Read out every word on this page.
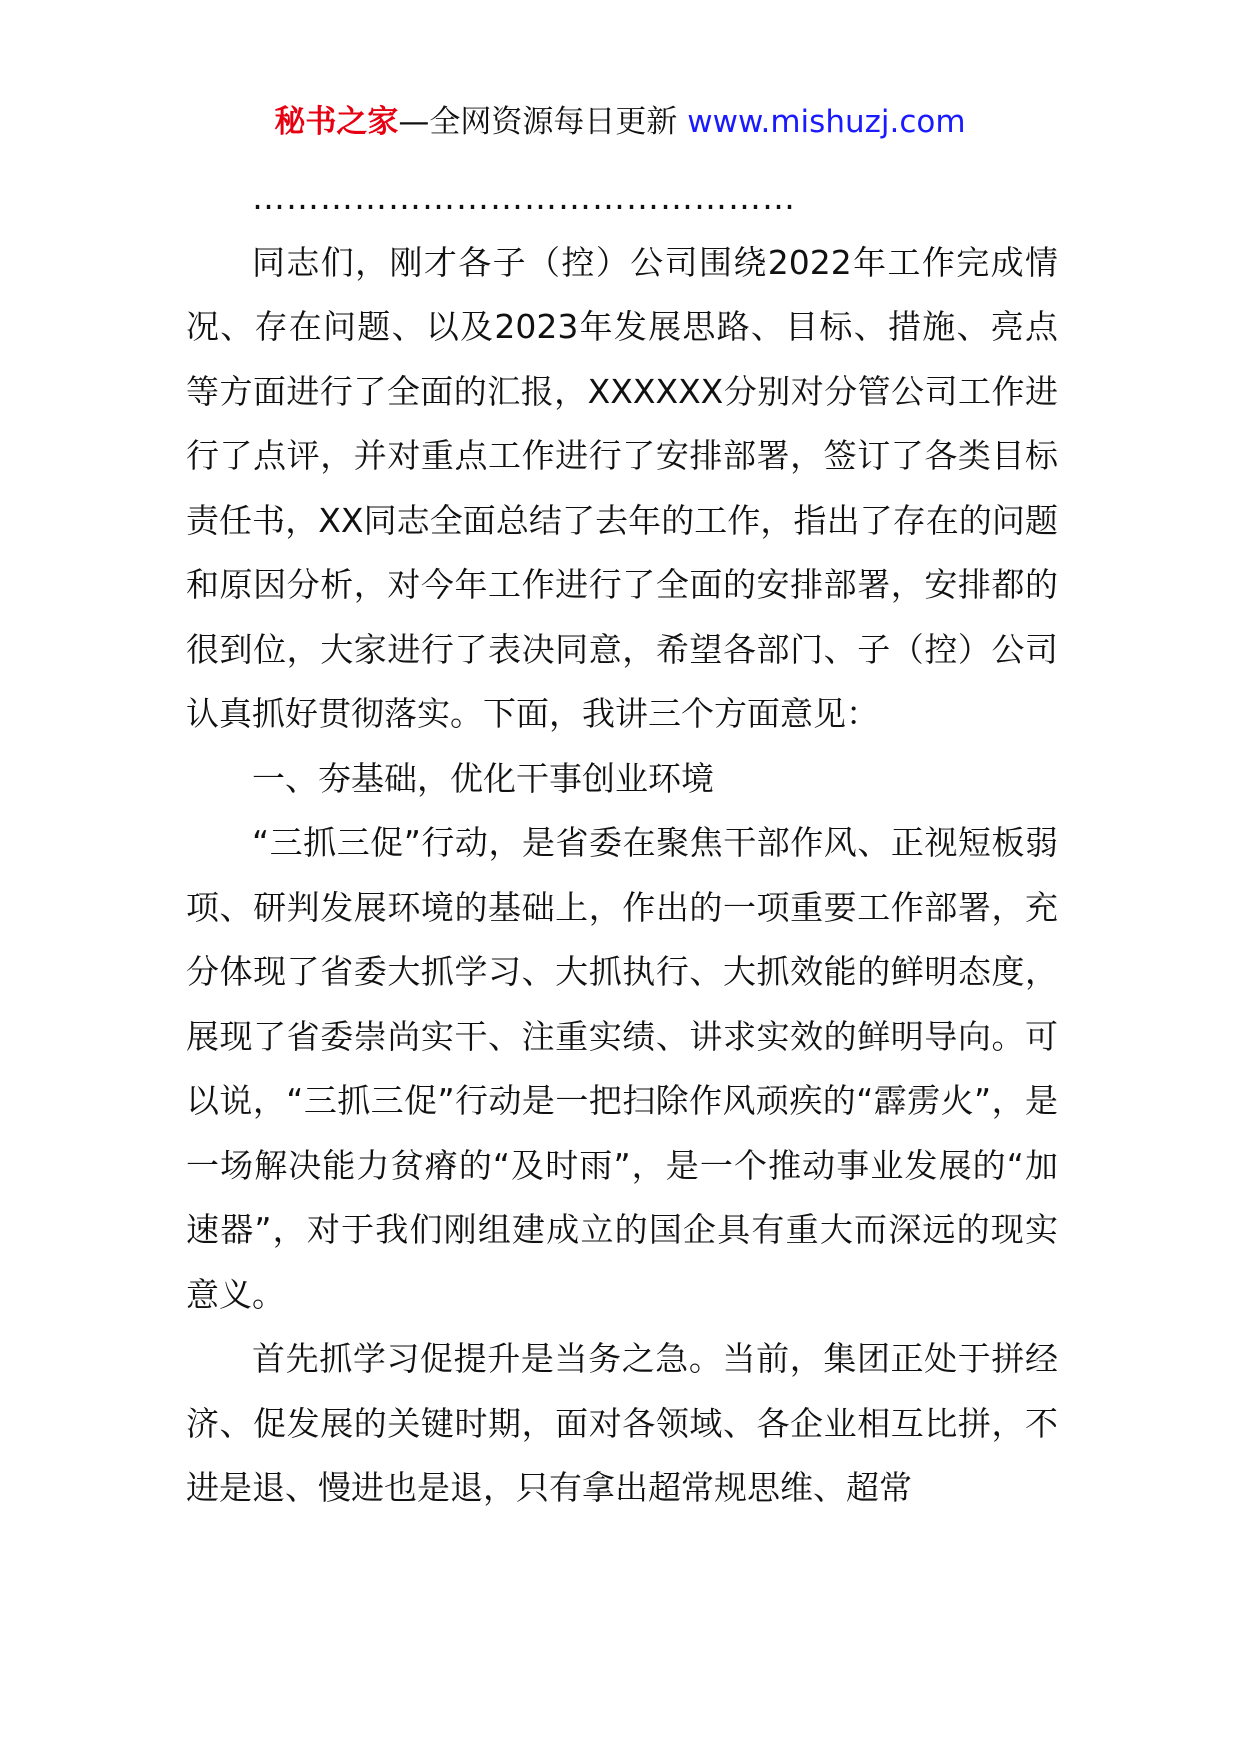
秘书之家—全网资源每日更新 www.mishuzj.com

…………………………………………

同志们，刚才各子（控）公司围绕2022年工作完成情况、存在问题、以及2023年发展思路、目标、措施、亮点等方面进行了全面的汇报，XXXXXX分别对分管公司工作进行了点评，并对重点工作进行了安排部署，签订了各类目标责任书，XX同志全面总结了去年的工作，指出了存在的问题和原因分析，对今年工作进行了全面的安排部署，安排都的很到位，大家进行了表决同意，希望各部门、子（控）公司认真抓好贯彻落实。下面，我讲三个方面意见：

一、夯基础，优化干事创业环境

“三抓三促”行动，是省委在聚焦干部作风、正视短板弱项、研判发展环境的基础上，作出的一项重要工作部署，充分体现了省委大抓学习、大抓执行、大抓效能的鲜明态度，展现了省委崇尚实干、注重实绩、讲求实效的鲜明导向。可以说，“三抓三促”行动是一把扫除作风顽疾的“霹雳火”，是一场解决能力贫瘠的“及时雨”，是一个推动事业发展的“加速器”，对于我们刚组建成立的国企具有重大而深远的现实意义。

首先抓学习促提升是当务之急。当前，集团正处于拼经济、促发展的关键时期，面对各领域、各企业相互比拼，不进是退、慢进也是退，只有拿出超常规思维、超常
